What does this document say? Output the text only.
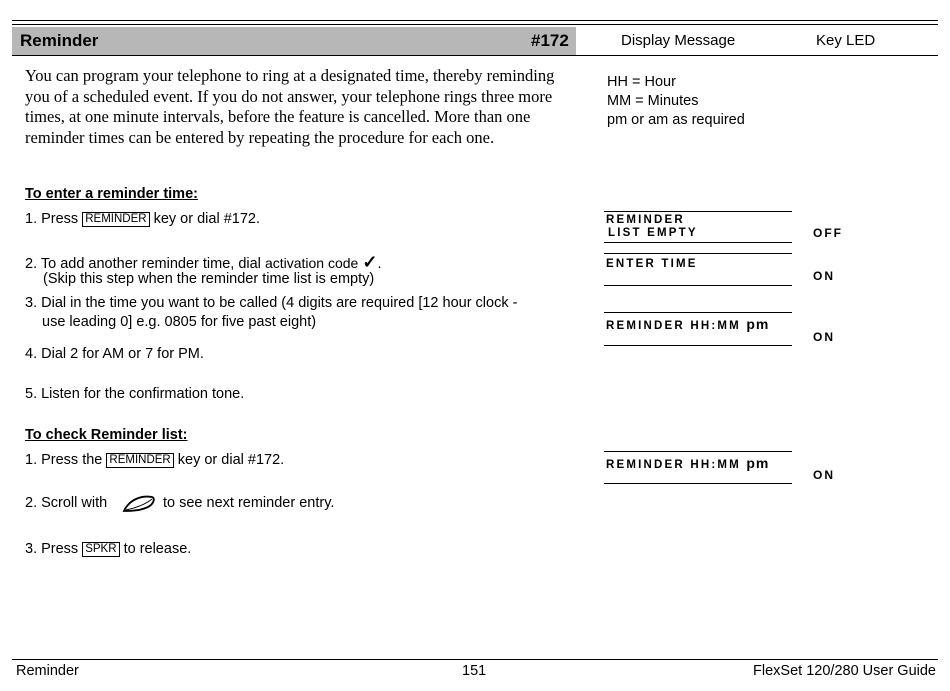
Reminder	#172	Display Message	Key LED
You can program your telephone to ring at a designated time, thereby reminding you of a scheduled event. If you do not answer, your telephone rings three more times, at one minute intervals, before the feature is cancelled. More than one reminder times can be entered by repeating the procedure for each one.
HH = Hour
MM = Minutes
pm or am as required
To enter a reminder time:
1. Press REMINDER key or dial #172.
2. To add another reminder time, dial activation code ✓.
(Skip this step when the reminder time list is empty)
3. Dial in the time you want to be called (4 digits are required [12 hour clock -
use leading 0] e.g. 0805 for five past eight)
4. Dial 2 for AM or 7 for PM.
5. Listen for the confirmation tone.
To check Reminder list:
1. Press the REMINDER key or dial #172.
2. Scroll with	to see next reminder entry.
3. Press SPKR to release.
REMINDER
LIST EMPTY	OFF
ENTER TIME
ON
REMINDER HH:MM pm
ON
REMINDER HH:MM pm
ON
Reminder	151	FlexSet 120/280 User Guide
